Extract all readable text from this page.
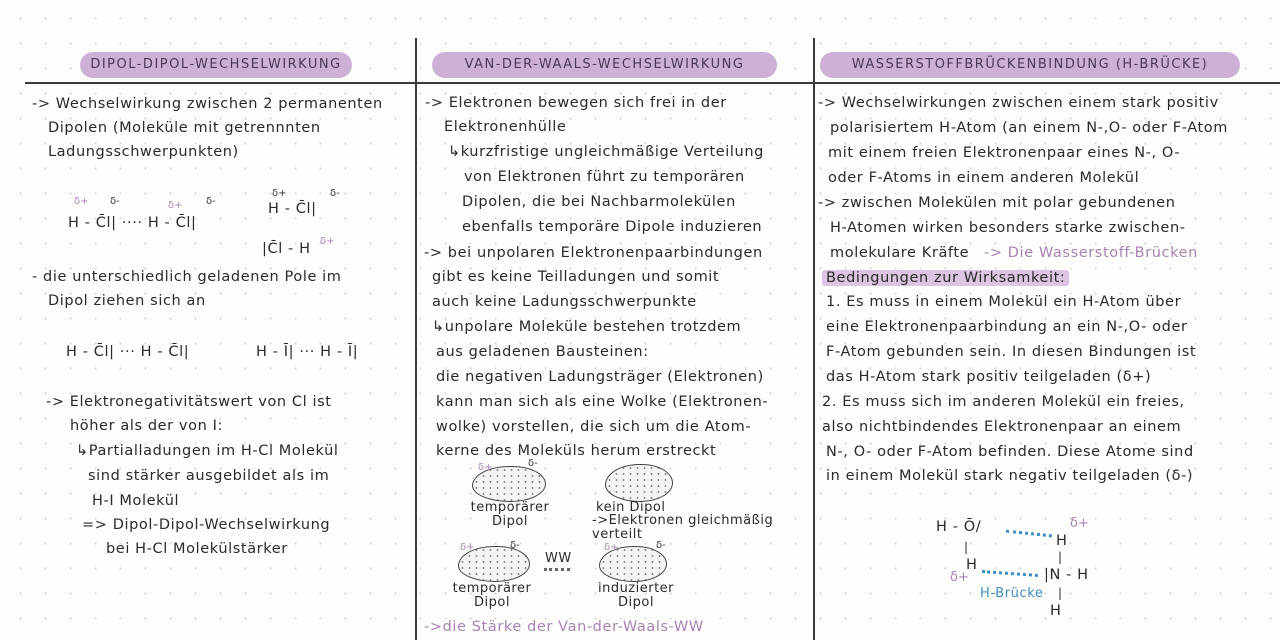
DIPOL-DIPOL-WECHSELWIRKUNG	VAN-DER-WAALS-WECHSELWIRKUNG	WASSERSTOFFBRÜCKENBINDUNG (H-BRÜCKE)
-> Wechselwirkung zwischen 2 permanenten
Dipolen (Moleküle mit getrennnten
Ladungsschwerpunkten)
δ+ δ-	δ+ δ-
H - C̄l| ···· H - C̄l|
δ+	δ-
H - C̄l|
|C̄l - H δ+
- die unterschiedlich geladenen Pole im
Dipol ziehen sich an
H - C̄l| ··· H - C̄l|	H - Ī| ··· H - Ī|
-> Elektronegativitätswert von Cl ist
höher als der von I:
↳Partialladungen im H-Cl Molekül
sind stärker ausgebildet als im
H-I Molekül
=> Dipol-Dipol-Wechselwirkung
bei H-Cl Molekülstärker
-> Elektronen bewegen sich frei in der
Elektronenhülle
↳kurzfristige ungleichmäßige Verteilung
von Elektronen führt zu temporären
Dipolen, die bei Nachbarmolekülen
ebenfalls temporäre Dipole induzieren
-> bei unpolaren Elektronenpaarbindungen
gibt es keine Teilladungen und somit
auch keine Ladungsschwerpunkte
↳unpolare Moleküle bestehen trotzdem
aus geladenen Bausteinen:
die negativen Ladungsträger (Elektronen)
kann man sich als eine Wolke (Elektronen-
wolke) vorstellen, die sich um die Atom-
kerne des Moleküls herum erstreckt
δ+	δ-
temporärer Dipol
kein Dipol
->Elektronen gleichmäßig verteilt
δ+	δ-
temporärer Dipol
WW
δ+	δ-
induzierter Dipol
->die Stärke der Van-der-Waals-WW
-> Wechselwirkungen zwischen einem stark positiv
polarisiertem H-Atom (an einem N-,O- oder F-Atom
mit einem freien Elektronenpaar eines N-, O-
oder F-Atoms in einem anderen Molekül
-> zwischen Molekülen mit polar gebundenen
H-Atomen wirken besonders starke zwischen-
molekulare Kräfte -> Die Wasserstoff-Brücken
Bedingungen zur Wirksamkeit:
1. Es muss in einem Molekül ein H-Atom über
eine Elektronenpaarbindung an ein N-,O- oder
F-Atom gebunden sein. In diesen Bindungen ist
das H-Atom stark positiv teilgeladen (δ+)
2. Es muss sich im anderen Molekül ein freies,
also nichtbindendes Elektronenpaar an einem
N-, O- oder F-Atom befinden. Diese Atome sind
in einem Molekül stark negativ teilgeladen (δ-)
H - Ō/
|
H
δ+
H
δ+
|
|N - H
|
H
H-Brücke
